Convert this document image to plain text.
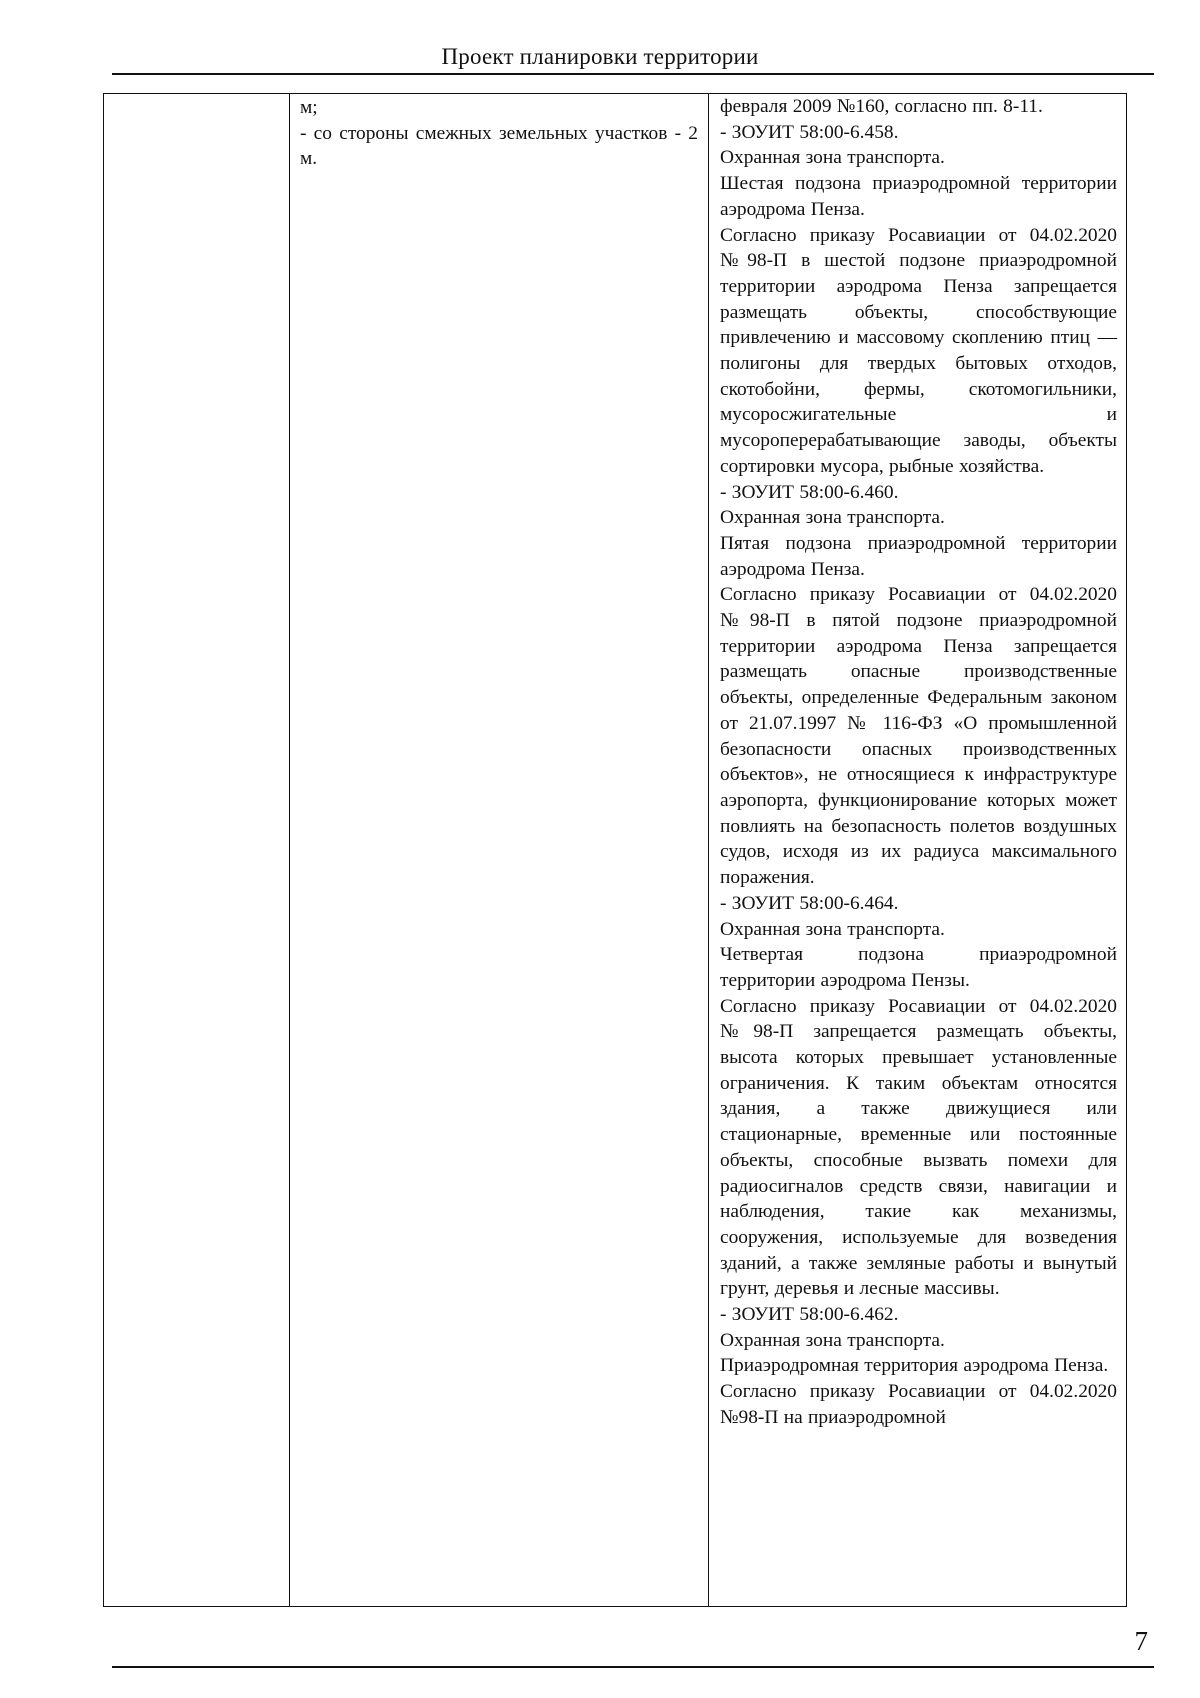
Проект планировки территории

м;

- со стороны смежных земельных участков - 2 м.

февраля 2009 №160, согласно пп. 8-11.

- ЗОУИТ 58:00-6.458.

Охранная зона транспорта.

Шестая подзона приаэродромной территории аэродрома Пенза.

Согласно приказу Росавиации от 04.02.2020 №98-П в шестой подзоне приаэродромной территории аэродрома Пенза запрещается размещать объекты, способствующие привлечению и массовому скоплению птиц — полигоны для твердых бытовых отходов, скотобойни, фермы, скотомогильники, мусоросжигательные и мусороперерабатывающие заводы, объекты сортировки мусора, рыбные хозяйства.

- ЗОУИТ 58:00-6.460.

Охранная зона транспорта.

Пятая подзона приаэродромной территории аэродрома Пенза.

Согласно приказу Росавиации от 04.02.2020 №98-П в пятой подзоне приаэродромной территории аэродрома Пенза запрещается размещать опасные производственные объекты, определенные Федеральным законом от 21.07.1997 № 116-ФЗ «О промышленной безопасности опасных производственных объектов», не относящиеся к инфраструктуре аэропорта, функционирование которых может повлиять на безопасность полетов воздушных судов, исходя из их радиуса максимального поражения.

- ЗОУИТ 58:00-6.464.

Охранная зона транспорта.

Четвертая подзона приаэродромной территории аэродрома Пензы.

Согласно приказу Росавиации от 04.02.2020 №98-П запрещается размещать объекты, высота которых превышает установленные ограничения. К таким объектам относятся здания, а также движущиеся или стационарные, временные или постоянные объекты, способные вызвать помехи для радиосигналов средств связи, навигации и наблюдения, такие как механизмы, сооружения, используемые для возведения зданий, а также земляные работы и вынутый грунт, деревья и лесные массивы.

- ЗОУИТ 58:00-6.462.

Охранная зона транспорта.

Приаэродромная территория аэродрома Пенза.

Согласно приказу Росавиации от 04.02.2020 №98-П на приаэродромной

7
